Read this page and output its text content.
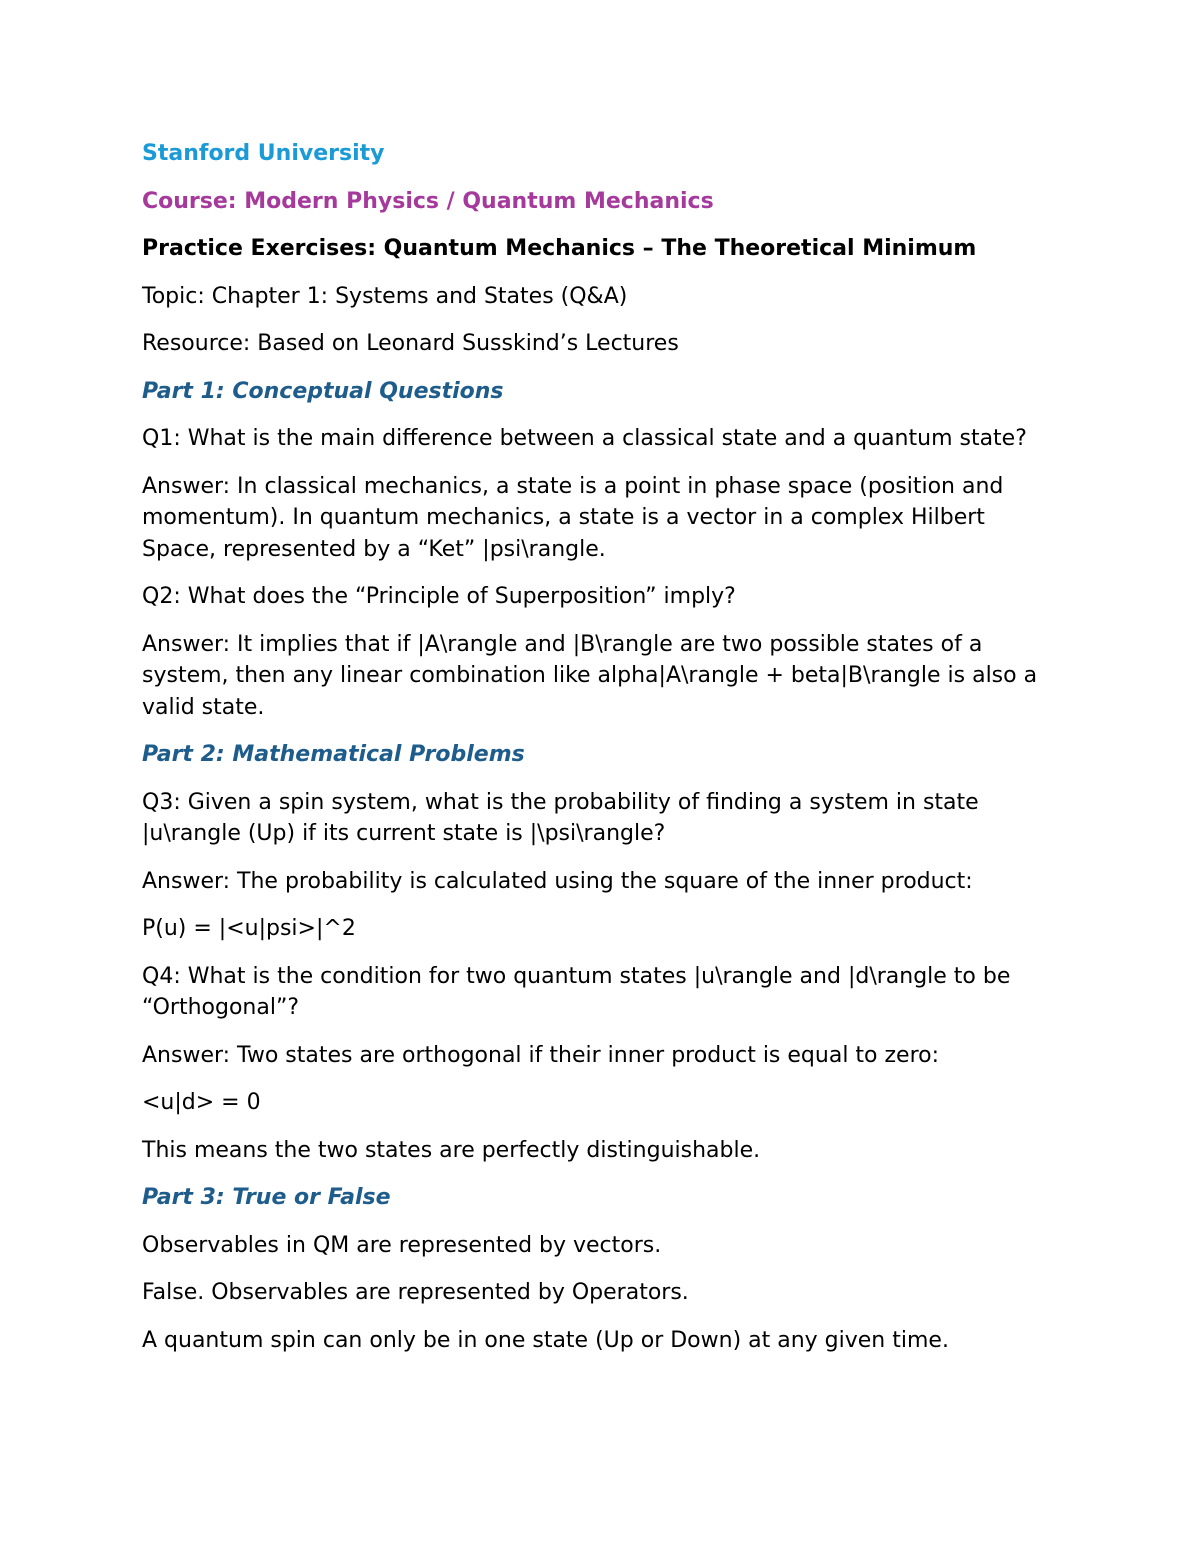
Stanford University

Course: Modern Physics / Quantum Mechanics

Practice Exercises: Quantum Mechanics – The Theoretical Minimum

Topic: Chapter 1: Systems and States (Q&A)

Resource: Based on Leonard Susskind’s Lectures

Part 1: Conceptual Questions

Q1: What is the main difference between a classical state and a quantum state?

Answer: In classical mechanics, a state is a point in phase space (position and momentum). In quantum mechanics, a state is a vector in a complex Hilbert Space, represented by a “Ket” |psi\rangle.

Q2: What does the “Principle of Superposition” imply?

Answer: It implies that if |A\rangle and |B\rangle are two possible states of a system, then any linear combination like alpha|A\rangle + beta|B\rangle is also a valid state.

Part 2: Mathematical Problems

Q3: Given a spin system, what is the probability of finding a system in state |u\rangle (Up) if its current state is |\psi\rangle?

Answer: The probability is calculated using the square of the inner product:

P(u) = |<u|psi>|^2

Q4: What is the condition for two quantum states |u\rangle and |d\rangle to be “Orthogonal”?

Answer: Two states are orthogonal if their inner product is equal to zero:

<u|d> = 0

This means the two states are perfectly distinguishable.

Part 3: True or False

Observables in QM are represented by vectors.

False. Observables are represented by Operators.

A quantum spin can only be in one state (Up or Down) at any given time.
